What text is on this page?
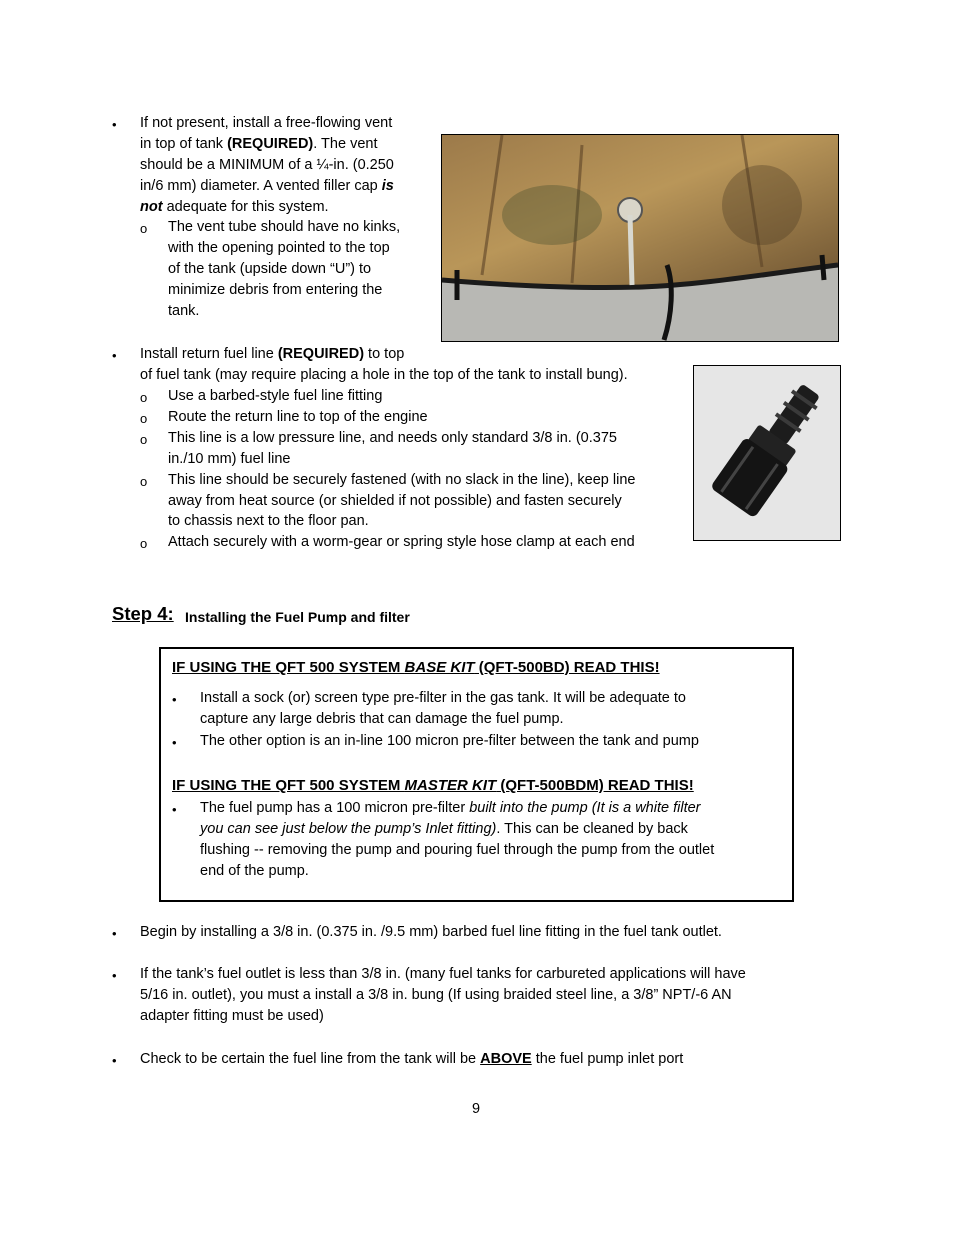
• If not present, install a free-flowing vent
in top of tank (REQUIRED). The vent
should be a MINIMUM of a ¼-in. (0.250
in/6 mm) diameter. A vented filler cap is
not adequate for this system.
o The vent tube should have no kinks,
with the opening pointed to the top
of the tank (upside down “U”) to
minimize debris from entering the
tank.
• Install return fuel line (REQUIRED) to top
of fuel tank (may require placing a hole in the top of the tank to install bung).
o Use a barbed-style fuel line fitting
o Route the return line to top of the engine
o This line is a low pressure line, and needs only standard 3/8 in. (0.375
in./10 mm) fuel line
o This line should be securely fastened (with no slack in the line), keep line
away from heat source (or shielded if not possible) and fasten securely
to chassis next to the floor pan.
o Attach securely with a worm-gear or spring style hose clamp at each end
Step 4: Installing the Fuel Pump and filter
IF USING THE QFT 500 SYSTEM BASE KIT (QFT-500BD) READ THIS!
• Install a sock (or) screen type pre-filter in the gas tank. It will be adequate to
capture any large debris that can damage the fuel pump.
• The other option is an in-line 100 micron pre-filter between the tank and pump
IF USING THE QFT 500 SYSTEM MASTER KIT (QFT-500BDM) READ THIS!
• The fuel pump has a 100 micron pre-filter built into the pump (It is a white filter
you can see just below the pump’s Inlet fitting). This can be cleaned by back
flushing -- removing the pump and pouring fuel through the pump from the outlet
end of the pump.
• Begin by installing a 3/8 in. (0.375 in. /9.5 mm) barbed fuel line fitting in the fuel tank outlet.
• If the tank’s fuel outlet is less than 3/8 in. (many fuel tanks for carbureted applications will have
5/16 in. outlet), you must a install a 3/8 in. bung (If using braided steel line, a 3/8” NPT/-6 AN
adapter fitting must be used)
• Check to be certain the fuel line from the tank will be ABOVE the fuel pump inlet port
9
